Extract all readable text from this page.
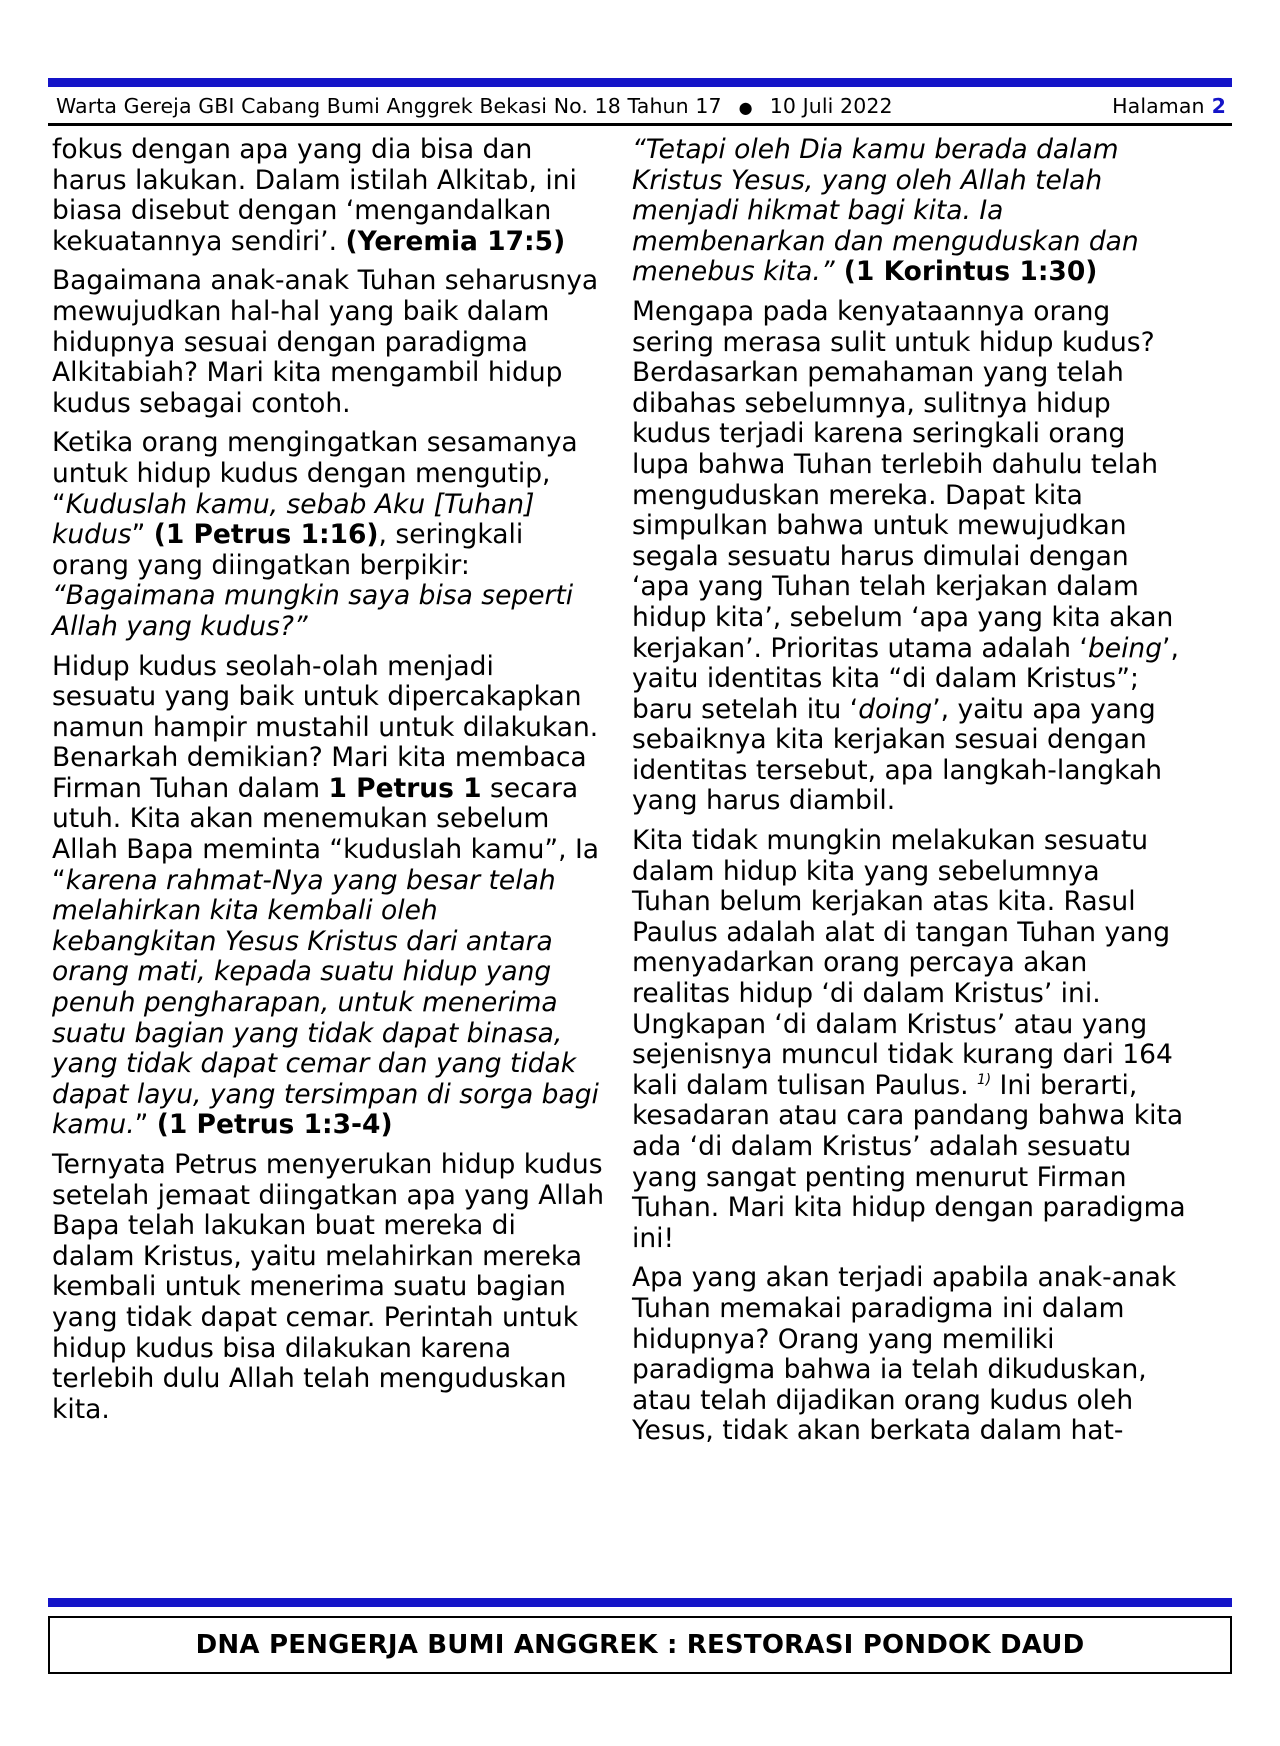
Warta Gereja GBI Cabang Bumi Anggrek Bekasi No. 18 Tahun 17	● 10 Juli 2022	Halaman 2

fokus dengan apa yang dia bisa dan harus lakukan. Dalam istilah Alkitab, ini biasa disebut dengan ‘mengandalkan kekuatannya sendiri’. (Yeremia 17:5)

Bagaimana anak-anak Tuhan seharusnya mewujudkan hal-hal yang baik dalam hidupnya sesuai dengan paradigma Alkitabiah? Mari kita mengambil hidup kudus sebagai contoh.

Ketika orang mengingatkan sesamanya untuk hidup kudus dengan mengutip, “Kuduslah kamu, sebab Aku [Tuhan] kudus” (1 Petrus 1:16), seringkali orang yang diingatkan berpikir: “Bagaimana mungkin saya bisa seperti Allah yang kudus?”

Hidup kudus seolah-olah menjadi sesuatu yang baik untuk dipercakapkan namun hampir mustahil untuk dilakukan. Benarkah demikian? Mari kita membaca Firman Tuhan dalam 1 Petrus 1 secara utuh. Kita akan menemukan sebelum Allah Bapa meminta “kuduslah kamu”, Ia “karena rahmat-Nya yang besar telah melahirkan kita kembali oleh kebangkitan Yesus Kristus dari antara orang mati, kepada suatu hidup yang penuh pengharapan, untuk menerima suatu bagian yang tidak dapat binasa, yang tidak dapat cemar dan yang tidak dapat layu, yang tersimpan di sorga bagi kamu.” (1 Petrus 1:3-4)

Ternyata Petrus menyerukan hidup kudus setelah jemaat diingatkan apa yang Allah Bapa telah lakukan buat mereka di dalam Kristus, yaitu melahirkan mereka kembali untuk menerima suatu bagian yang tidak dapat cemar. Perintah untuk hidup kudus bisa dilakukan karena terlebih dulu Allah telah menguduskan kita.

“Tetapi oleh Dia kamu berada dalam Kristus Yesus, yang oleh Allah telah menjadi hikmat bagi kita. Ia membenarkan dan menguduskan dan menebus kita.” (1 Korintus 1:30)

Mengapa pada kenyataannya orang sering merasa sulit untuk hidup kudus? Berdasarkan pemahaman yang telah dibahas sebelumnya, sulitnya hidup kudus terjadi karena seringkali orang lupa bahwa Tuhan terlebih dahulu telah menguduskan mereka. Dapat kita simpulkan bahwa untuk mewujudkan segala sesuatu harus dimulai dengan ‘apa yang Tuhan telah kerjakan dalam hidup kita’, sebelum ‘apa yang kita akan kerjakan’. Prioritas utama adalah ‘being’, yaitu identitas kita “di dalam Kristus”; baru setelah itu ‘doing’, yaitu apa yang sebaiknya kita kerjakan sesuai dengan identitas tersebut, apa langkah-langkah yang harus diambil.

Kita tidak mungkin melakukan sesuatu dalam hidup kita yang sebelumnya Tuhan belum kerjakan atas kita. Rasul Paulus adalah alat di tangan Tuhan yang menyadarkan orang percaya akan realitas hidup ‘di dalam Kristus’ ini. Ungkapan ‘di dalam Kristus’ atau yang sejenisnya muncul tidak kurang dari 164 kali dalam tulisan Paulus. $^{1)}$ Ini berarti, kesadaran atau cara pandang bahwa kita ada ‘di dalam Kristus’ adalah sesuatu yang sangat penting menurut Firman Tuhan. Mari kita hidup dengan paradigma ini!

Apa yang akan terjadi apabila anak-anak Tuhan memakai paradigma ini dalam hidupnya? Orang yang memiliki paradigma bahwa ia telah dikuduskan, atau telah dijadikan orang kudus oleh Yesus, tidak akan berkata dalam hat-

DNA PENGERJA BUMI ANGGREK : RESTORASI PONDOK DAUD
